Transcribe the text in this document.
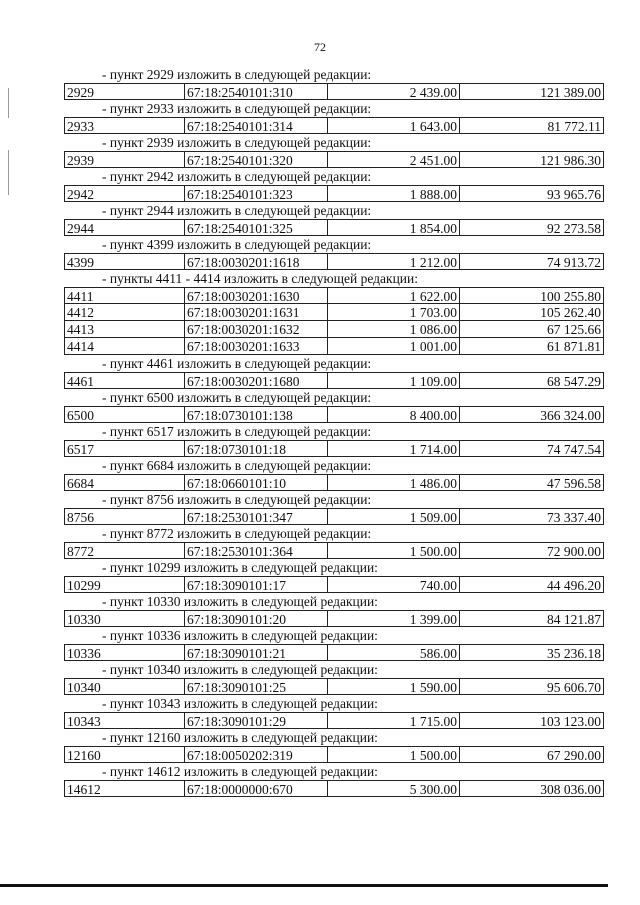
72
- пункт 2929 изложить в следующей редакции:
2929	67:18:2540101:310	2 439.00	121 389.00
- пункт 2933 изложить в следующей редакции:
2933	67:18:2540101:314	1 643.00	81 772.11
- пункт 2939 изложить в следующей редакции:
2939	67:18:2540101:320	2 451.00	121 986.30
- пункт 2942 изложить в следующей редакции:
2942	67:18:2540101:323	1 888.00	93 965.76
- пункт 2944 изложить в следующей редакции:
2944	67:18:2540101:325	1 854.00	92 273.58
- пункт 4399 изложить в следующей редакции:
4399	67:18:0030201:1618	1 212.00	74 913.72
- пункты 4411 - 4414 изложить в следующей редакции:
4411	67:18:0030201:1630	1 622.00	100 255.80
4412	67:18:0030201:1631	1 703.00	105 262.40
4413	67:18:0030201:1632	1 086.00	67 125.66
4414	67:18:0030201:1633	1 001.00	61 871.81
- пункт 4461 изложить в следующей редакции:
4461	67:18:0030201:1680	1 109.00	68 547.29
- пункт 6500 изложить в следующей редакции:
6500	67:18:0730101:138	8 400.00	366 324.00
- пункт 6517 изложить в следующей редакции:
6517	67:18:0730101:18	1 714.00	74 747.54
- пункт 6684 изложить в следующей редакции:
6684	67:18:0660101:10	1 486.00	47 596.58
- пункт 8756 изложить в следующей редакции:
8756	67:18:2530101:347	1 509.00	73 337.40
- пункт 8772 изложить в следующей редакции:
8772	67:18:2530101:364	1 500.00	72 900.00
- пункт 10299 изложить в следующей редакции:
10299	67:18:3090101:17	740.00	44 496.20
- пункт 10330 изложить в следующей редакции:
10330	67:18:3090101:20	1 399.00	84 121.87
- пункт 10336 изложить в следующей редакции:
10336	67:18:3090101:21	586.00	35 236.18
- пункт 10340 изложить в следующей редакции:
10340	67:18:3090101:25	1 590.00	95 606.70
- пункт 10343 изложить в следующей редакции:
10343	67:18:3090101:29	1 715.00	103 123.00
- пункт 12160 изложить в следующей редакции:
12160	67:18:0050202:319	1 500.00	67 290.00
- пункт 14612 изложить в следующей редакции:
14612	67:18:0000000:670	5 300.00	308 036.00
